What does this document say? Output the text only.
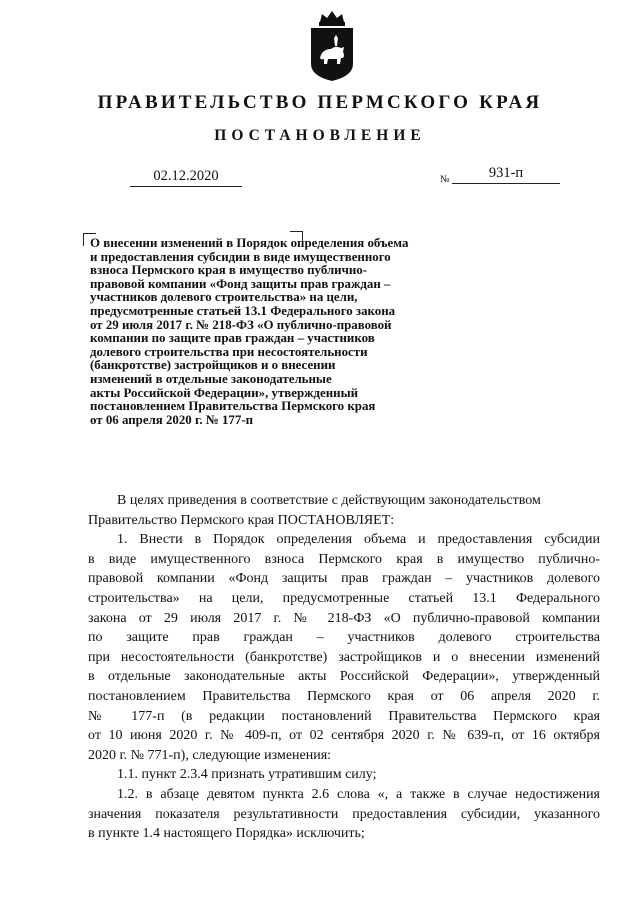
ПРАВИТЕЛЬСТВО ПЕРМСКОГО КРАЯ
ПОСТАНОВЛЕНИЕ
02.12.2020	№	931-п
О внесении изменений в Порядок определения объема
и предоставления субсидии в виде имущественного
взноса Пермского края в имущество публично-
правовой компании «Фонд защиты прав граждан –
участников долевого строительства» на цели,
предусмотренные статьей 13.1 Федерального закона
от 29 июля 2017 г. № 218-ФЗ «О публично-правовой
компании по защите прав граждан – участников
долевого строительства при несостоятельности
(банкротстве) застройщиков и о внесении
изменений в отдельные законодательные
акты Российской Федерации», утвержденный
постановлением Правительства Пермского края
от 06 апреля 2020 г. № 177-п
В целях приведения в соответствие с действующим законодательством
Правительство Пермского края ПОСТАНОВЛЯЕТ:
1. Внести в Порядок определения объема и предоставления субсидии
в виде имущественного взноса Пермского края в имущество публично-
правовой компании «Фонд защиты прав граждан – участников долевого
строительства» на цели, предусмотренные статьей 13.1 Федерального
закона от 29 июля 2017 г. № 218-ФЗ «О публично-правовой компании
по защите прав граждан – участников долевого строительства
при несостоятельности (банкротстве) застройщиков и о внесении изменений
в отдельные законодательные акты Российской Федерации», утвержденный
постановлением Правительства Пермского края от 06 апреля 2020 г.
№ 177-п (в редакции постановлений Правительства Пермского края
от 10 июня 2020 г. № 409-п, от 02 сентября 2020 г. № 639-п, от 16 октября
2020 г. № 771-п), следующие изменения:
1.1. пункт 2.3.4 признать утратившим силу;
1.2. в абзаце девятом пункта 2.6 слова «, а также в случае недостижения
значения показателя результативности предоставления субсидии, указанного
в пункте 1.4 настоящего Порядка» исключить;
